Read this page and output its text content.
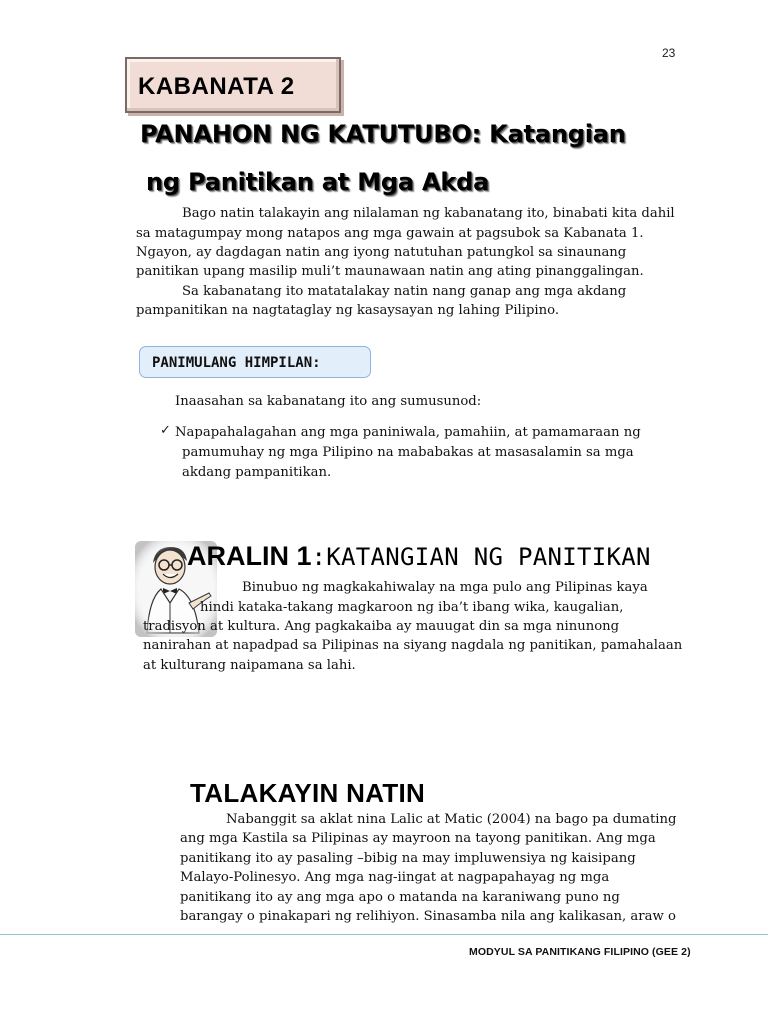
23
KABANATA 2
PANAHON NG KATUTUBO: Katangian
ng Panitikan at Mga Akda
Bago natin talakayin ang nilalaman ng kabanatang ito, binabati kita dahil
sa matagumpay mong natapos ang mga gawain at pagsubok sa Kabanata 1.
Ngayon, ay dagdagan natin ang iyong natutuhan patungkol sa sinaunang
panitikan upang masilip muli’t maunawaan natin ang ating pinanggalingan.
Sa kabanatang ito matatalakay natin nang ganap ang mga akdang
pampanitikan na nagtataglay ng kasaysayan ng lahing Pilipino.
PANIMULANG HIMPILAN:
Inaasahan sa kabanatang ito ang sumusunod:
✓ Napapahalagahan ang mga paniniwala, pamahiin, at pamamaraan ng
pamumuhay ng mga Pilipino na mababakas at masasalamin sa mga
akdang pampanitikan.
ARALIN 1:KATANGIAN NG PANITIKAN
Binubuo ng magkakahiwalay na mga pulo ang Pilipinas kaya
hindi kataka-takang magkaroon ng iba’t ibang wika, kaugalian,
tradisyon at kultura. Ang pagkakaiba ay mauugat din sa mga ninunong
nanirahan at napadpad sa Pilipinas na siyang nagdala ng panitikan, pamahalaan
at kulturang naipamana sa lahi.
TALAKAYIN NATIN
Nabanggit sa aklat nina Lalic at Matic (2004) na bago pa dumating
ang mga Kastila sa Pilipinas ay mayroon na tayong panitikan. Ang mga
panitikang ito ay pasaling –bibig na may impluwensiya ng kaisipang
Malayo-Polinesyo. Ang mga nag-iingat at nagpapahayag ng mga
panitikang ito ay ang mga apo o matanda na karaniwang puno ng
barangay o pinakapari ng relihiyon. Sinasamba nila ang kalikasan, araw o
MODYUL SA PANITIKANG FILIPINO (GEE 2)
